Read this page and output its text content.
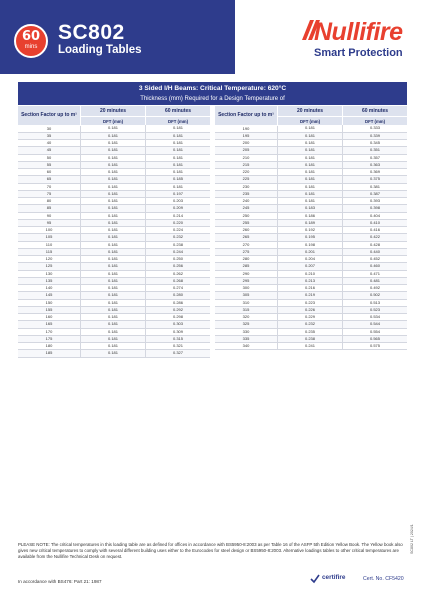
60
mins
SC802
Loading Tables
Nullifire
Smart Protection
3 Sided I/H Beams: Critical Temperature: 620°C
Thickness (mm) Required for a Design Temperature of
Section Factor up to m¹	20 minutes	60 minutes
	DFT (mm)	DFT (mm)
30	0.181	0.181
35	0.181	0.181
40	0.181	0.181
45	0.181	0.181
50	0.181	0.181
55	0.181	0.181
60	0.181	0.181
65	0.181	0.185
70	0.181	0.181
75	0.181	0.197
80	0.181	0.203
85	0.181	0.209
90	0.181	0.214
95	0.181	0.220
100	0.181	0.224
105	0.181	0.232
110	0.181	0.238
115	0.181	0.244
120	0.181	0.250
125	0.181	0.256
130	0.181	0.262
135	0.181	0.268
140	0.181	0.274
145	0.181	0.280
150	0.181	0.286
155	0.181	0.292
160	0.181	0.298
165	0.181	0.303
170	0.181	0.309
175	0.181	0.315
180	0.181	0.321
185	0.181	0.327
Section Factor up to m¹	20 minutes	60 minutes
	DFT (mm)	DFT (mm)
190	0.181	0.333
195	0.181	0.339
200	0.181	0.345
205	0.181	0.351
210	0.181	0.357
215	0.181	0.363
220	0.181	0.369
225	0.181	0.375
230	0.181	0.381
235	0.181	0.387
240	0.181	0.393
245	0.183	0.398
250	0.186	0.404
255	0.189	0.410
260	0.192	0.416
265	0.195	0.422
270	0.198	0.428
275	0.201	0.440
280	0.204	0.452
285	0.207	0.460
290	0.210	0.471
295	0.213	0.481
300	0.216	0.492
305	0.219	0.502
310	0.223	0.513
315	0.226	0.523
320	0.229	0.534
325	0.232	0.544
330	0.235	0.554
335	0.238	0.565
340	0.241	0.575
PLEASE NOTE: The critical temperatures in this loading table are as defined for offices in accordance with BS5950-8:2003 as per Table 16 of the ASFP 5th Edition Yellow Book. The Yellow book also gives new critical temperatures to comply with several different building uses either to the Eurocodes for steel design or BS5950-8:2003. Alternative loadings tables to other critical temperatures are available from the Nullifire Technical Desk on request.
In accordance with BS476: Part 21: 1987
certifire	Cert. No. CF5420
SC802 LT | 2024/1
